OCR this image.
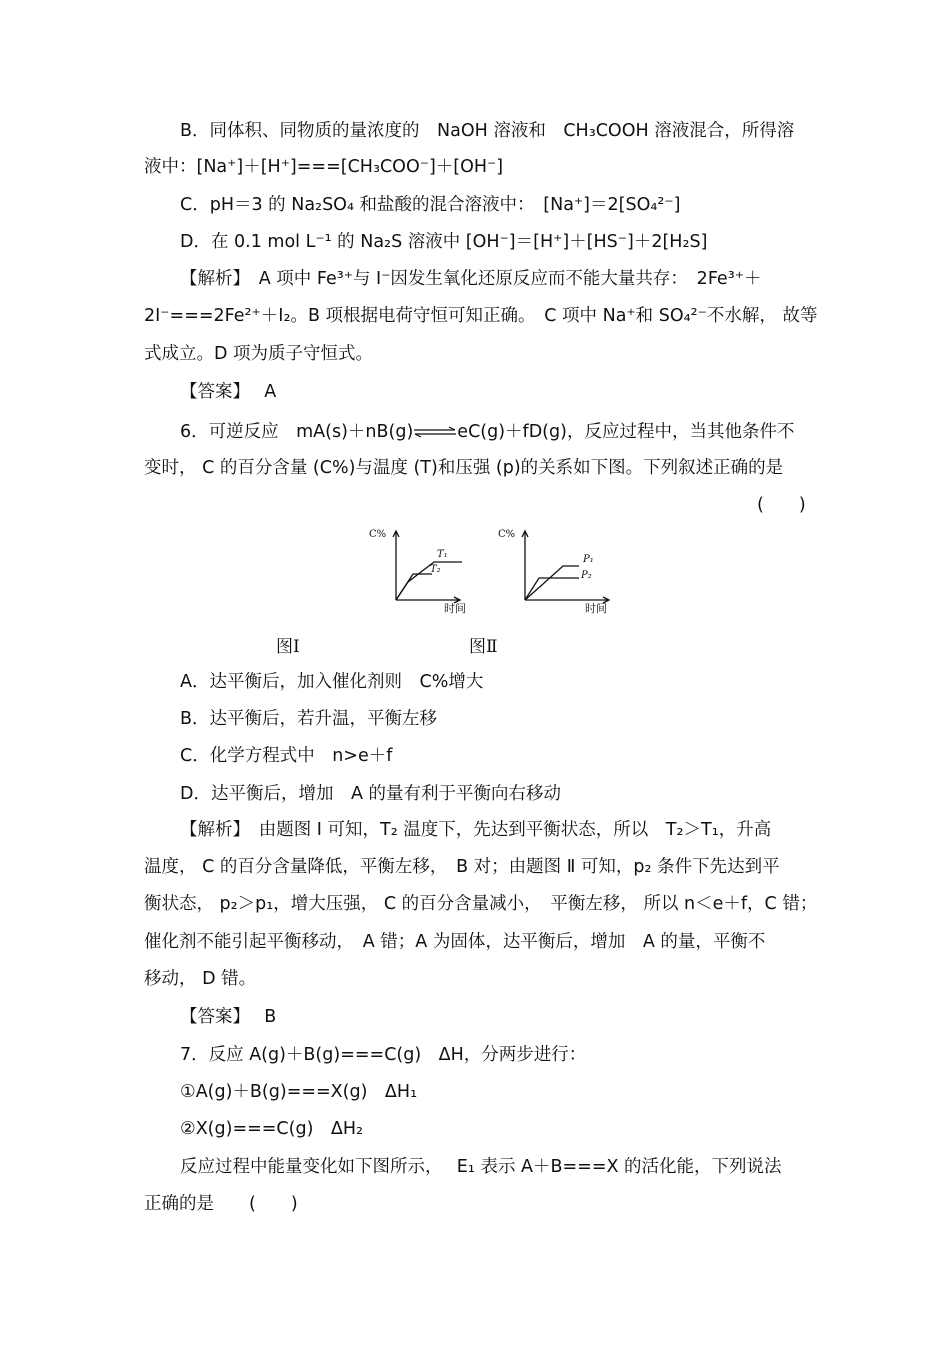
B．同体积、同物质的量浓度的　NaOH 溶液和　CH₃COOH 溶液混合，所得溶
液中：[Na⁺]＋[H⁺]===[CH₃COO⁻]＋[OH⁻]
C．pH＝3 的 Na₂SO₄ 和盐酸的混合溶液中：　[Na⁺]＝2[SO₄²⁻]
D．在 0.1 mol L⁻¹ 的 Na₂S 溶液中 [OH⁻]＝[H⁺]＋[HS⁻]＋2[H₂S]
【解析】　A 项中 Fe³⁺与 I⁻因发生氧化还原反应而不能大量共存：　2Fe³⁺＋
2I⁻===2Fe²⁺＋I₂。B 项根据电荷守恒可知正确。　C 项中 Na⁺和 SO₄²⁻不水解， 故等
式成立。D 项为质子守恒式。
【答案】　 A
6．可逆反应　mA(s)＋nB(g)⇌eC(g)＋fD(g)，反应过程中，当其他条件不
变时， C 的百分含量 (C%)与温度 (T)和压强 (p)的关系如下图。下列叙述正确的是
(　　)
C%
T₁
T₂
时间
C%
P₁
P₂
时间
图Ⅰ	图Ⅱ
A．达平衡后，加入催化剂则　C%增大
B．达平衡后，若升温，平衡左移
C．化学方程式中　n>e＋f
D．达平衡后，增加　A 的量有利于平衡向右移动
【解析】　由题图 Ⅰ 可知，T₂ 温度下，先达到平衡状态，所以　T₂＞T₁，升高
温度， C 的百分含量降低，平衡左移，　B 对；由题图 Ⅱ 可知，p₂ 条件下先达到平
衡状态， p₂＞p₁，增大压强， C 的百分含量减小，　平衡左移， 所以 n＜e＋f，C 错；
催化剂不能引起平衡移动，　A 错；A 为固体，达平衡后，增加　A 的量，平衡不
移动， D 错。
【答案】　 B
7．反应 A(g)＋B(g)===C(g)　ΔH，分两步进行：
①A(g)＋B(g)===X(g)　ΔH₁
②X(g)===C(g)　ΔH₂
反应过程中能量变化如下图所示，　 E₁ 表示 A＋B===X 的活化能，下列说法
正确的是　　(　　)
